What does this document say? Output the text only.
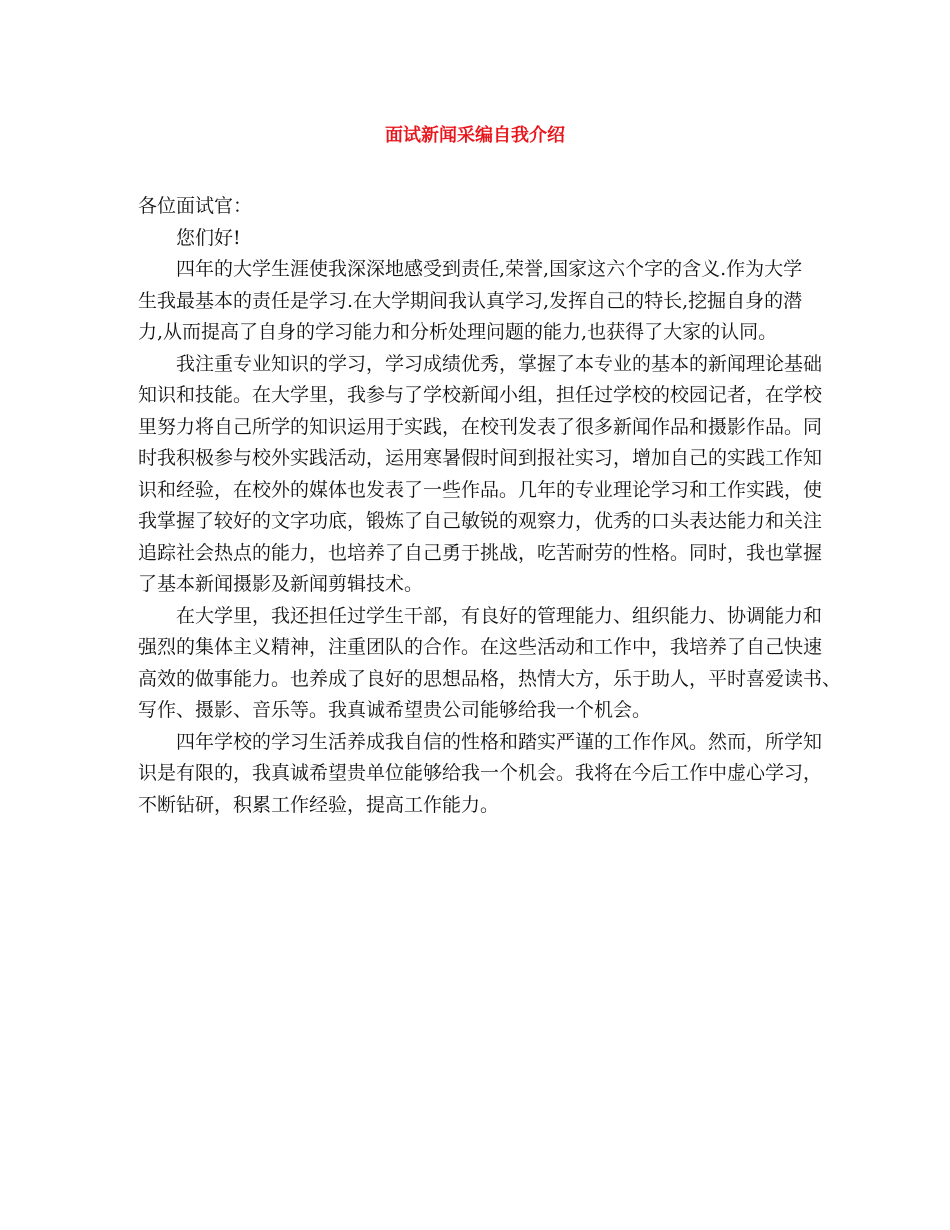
面试新闻采编自我介绍

各位面试官：

您们好!

四年的大学生涯使我深深地感受到责任,荣誉,国家这六个字的含义.作为大学

生我最基本的责任是学习.在大学期间我认真学习,发挥自己的特长,挖掘自身的潜

力,从而提高了自身的学习能力和分析处理问题的能力,也获得了大家的认同。

我注重专业知识的学习，学习成绩优秀，掌握了本专业的基本的新闻理论基础

知识和技能。在大学里，我参与了学校新闻小组，担任过学校的校园记者，在学校

里努力将自己所学的知识运用于实践，在校刊发表了很多新闻作品和摄影作品。同

时我积极参与校外实践活动，运用寒暑假时间到报社实习，增加自己的实践工作知

识和经验，在校外的媒体也发表了一些作品。几年的专业理论学习和工作实践，使

我掌握了较好的文字功底，锻炼了自己敏锐的观察力，优秀的口头表达能力和关注

追踪社会热点的能力，也培养了自己勇于挑战，吃苦耐劳的性格。同时，我也掌握

了基本新闻摄影及新闻剪辑技术。

在大学里，我还担任过学生干部，有良好的管理能力、组织能力、协调能力和

强烈的集体主义精神，注重团队的合作。在这些活动和工作中，我培养了自己快速

高效的做事能力。也养成了良好的思想品格，热情大方，乐于助人，平时喜爱读书、

写作、摄影、音乐等。我真诚希望贵公司能够给我一个机会。

四年学校的学习生活养成我自信的性格和踏实严谨的工作作风。然而，所学知

识是有限的，我真诚希望贵单位能够给我一个机会。我将在今后工作中虚心学习，

不断钻研，积累工作经验，提高工作能力。
